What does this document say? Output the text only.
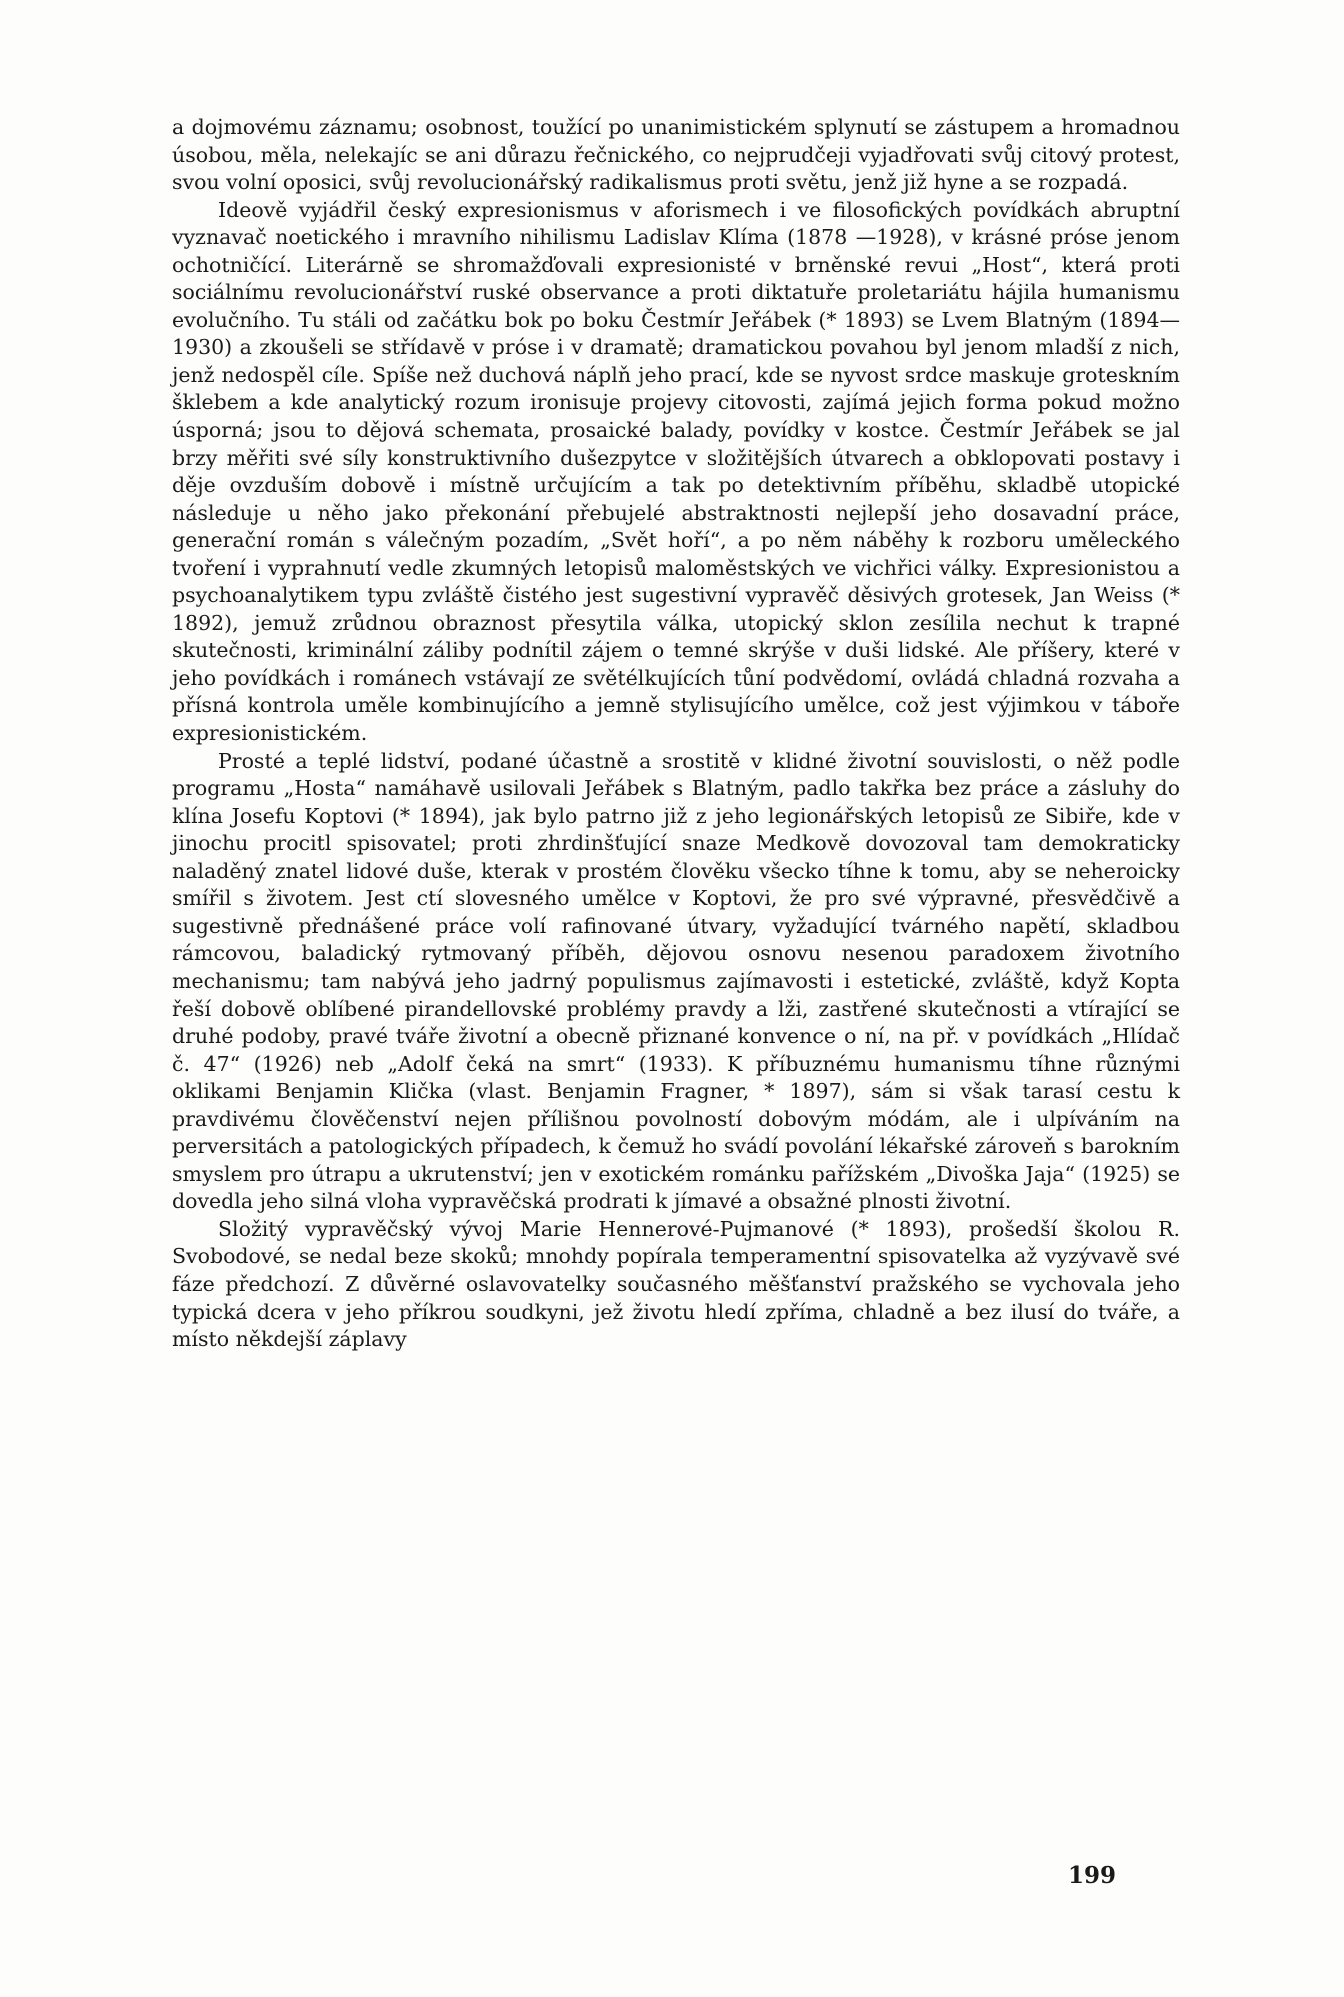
a dojmovému záznamu; osobnost, toužící po unanimistickém splynutí se zástupem a hromadnou úsobou, měla, nelekajíc se ani důrazu řečnického, co nejprudčeji vyjadřovati svůj citový protest, svou volní oposici, svůj revolucionářský radikalismus proti světu, jenž již hyne a se rozpadá.

Ideově vyjádřil český expresionismus v aforismech i ve filosofických povídkách abruptní vyznavač noetického i mravního nihilismu Ladislav Klíma (1878 —1928), v krásné próse jenom ochotničící. Literárně se shromažďovali expresionisté v brněnské revui „Host“, která proti sociálnímu revolucionářství ruské observance a proti diktatuře proletariátu hájila humanismu evolučního. Tu stáli od začátku bok po boku Čestmír Jeřábek (* 1893) se Lvem Blatným (1894— 1930) a zkoušeli se střídavě v próse i v dramatě; dramatickou povahou byl jenom mladší z nich, jenž nedospěl cíle. Spíše než duchová náplň jeho prací, kde se nyvost srdce maskuje groteskním šklebem a kde analytický rozum ironisuje projevy citovosti, zajímá jejich forma pokud možno úsporná; jsou to dějová schemata, prosaické balady, povídky v kostce. Čestmír Jeřábek se jal brzy měřiti své síly konstruktivního dušezpytce v složitějších útvarech a obklopovati postavy i děje ovzduším dobově i místně určujícím a tak po detektivním příběhu, skladbě utopické následuje u něho jako překonání přebujelé abstraktnosti nejlepší jeho dosavadní práce, generační román s válečným pozadím, „Svět hoří“, a po něm náběhy k rozboru uměleckého tvoření i vyprahnutí vedle zkumných letopisů maloměstských ve vichřici války. Expresionistou a psychoanalytikem typu zvláště čistého jest sugestivní vypravěč děsivých grotesek, Jan Weiss (* 1892), jemuž zrůdnou obraznost přesytila válka, utopický sklon zesílila nechut k trapné skutečnosti, kriminální záliby podnítil zájem o temné skrýše v duši lidské. Ale příšery, které v jeho povídkách i románech vstávají ze světélkujících tůní podvědomí, ovládá chladná rozvaha a přísná kontrola uměle kombinujícího a jemně stylisujícího umělce, což jest výjimkou v táboře expresionistickém.

Prosté a teplé lidství, podané účastně a srostitě v klidné životní souvislosti, o něž podle programu „Hosta“ namáhavě usilovali Jeřábek s Blatným, padlo takřka bez práce a zásluhy do klína Josefu Koptovi (* 1894), jak bylo patrno již z jeho legionářských letopisů ze Sibiře, kde v jinochu procitl spisovatel; proti zhrdinšťující snaze Medkově dovozoval tam demokraticky naladěný znatel lidové duše, kterak v prostém člověku všecko tíhne k tomu, aby se neheroicky smířil s životem. Jest ctí slovesného umělce v Koptovi, že pro své výpravné, přesvědčivě a sugestivně přednášené práce volí rafinované útvary, vyžadující tvárného napětí, skladbou rámcovou, baladický rytmovaný příběh, dějovou osnovu nesenou paradoxem životního mechanismu; tam nabývá jeho jadrný populismus zajímavosti i estetické, zvláště, když Kopta řeší dobově oblíbené pirandellovské problémy pravdy a lži, zastřené skutečnosti a vtírající se druhé podoby, pravé tváře životní a obecně přiznané konvence o ní, na př. v povídkách „Hlídač č. 47“ (1926) neb „Adolf čeká na smrt“ (1933). K příbuznému humanismu tíhne různými oklikami Benjamin Klička (vlast. Benjamin Fragner, * 1897), sám si však tarasí cestu k pravdivému člověčenství nejen přílišnou povolností dobovým módám, ale i ulpíváním na perversitách a patologických případech, k čemuž ho svádí povolání lékařské zároveň s barokním smyslem pro útrapu a ukrutenství; jen v exotickém románku pařížském „Divoška Jaja“ (1925) se dovedla jeho silná vloha vypravěčská prodrati k jímavé a obsažné plnosti životní.

Složitý vypravěčský vývoj Marie Hennerové-Pujmanové (* 1893), prošedší školou R. Svobodové, se nedal beze skoků; mnohdy popírala temperamentní spisovatelka až vyzývavě své fáze předchozí. Z důvěrné oslavovatelky současného měšťanství pražského se vychovala jeho typická dcera v jeho příkrou soudkyni, jež životu hledí zpříma, chladně a bez ilusí do tváře, a místo někdejší záplavy

199
